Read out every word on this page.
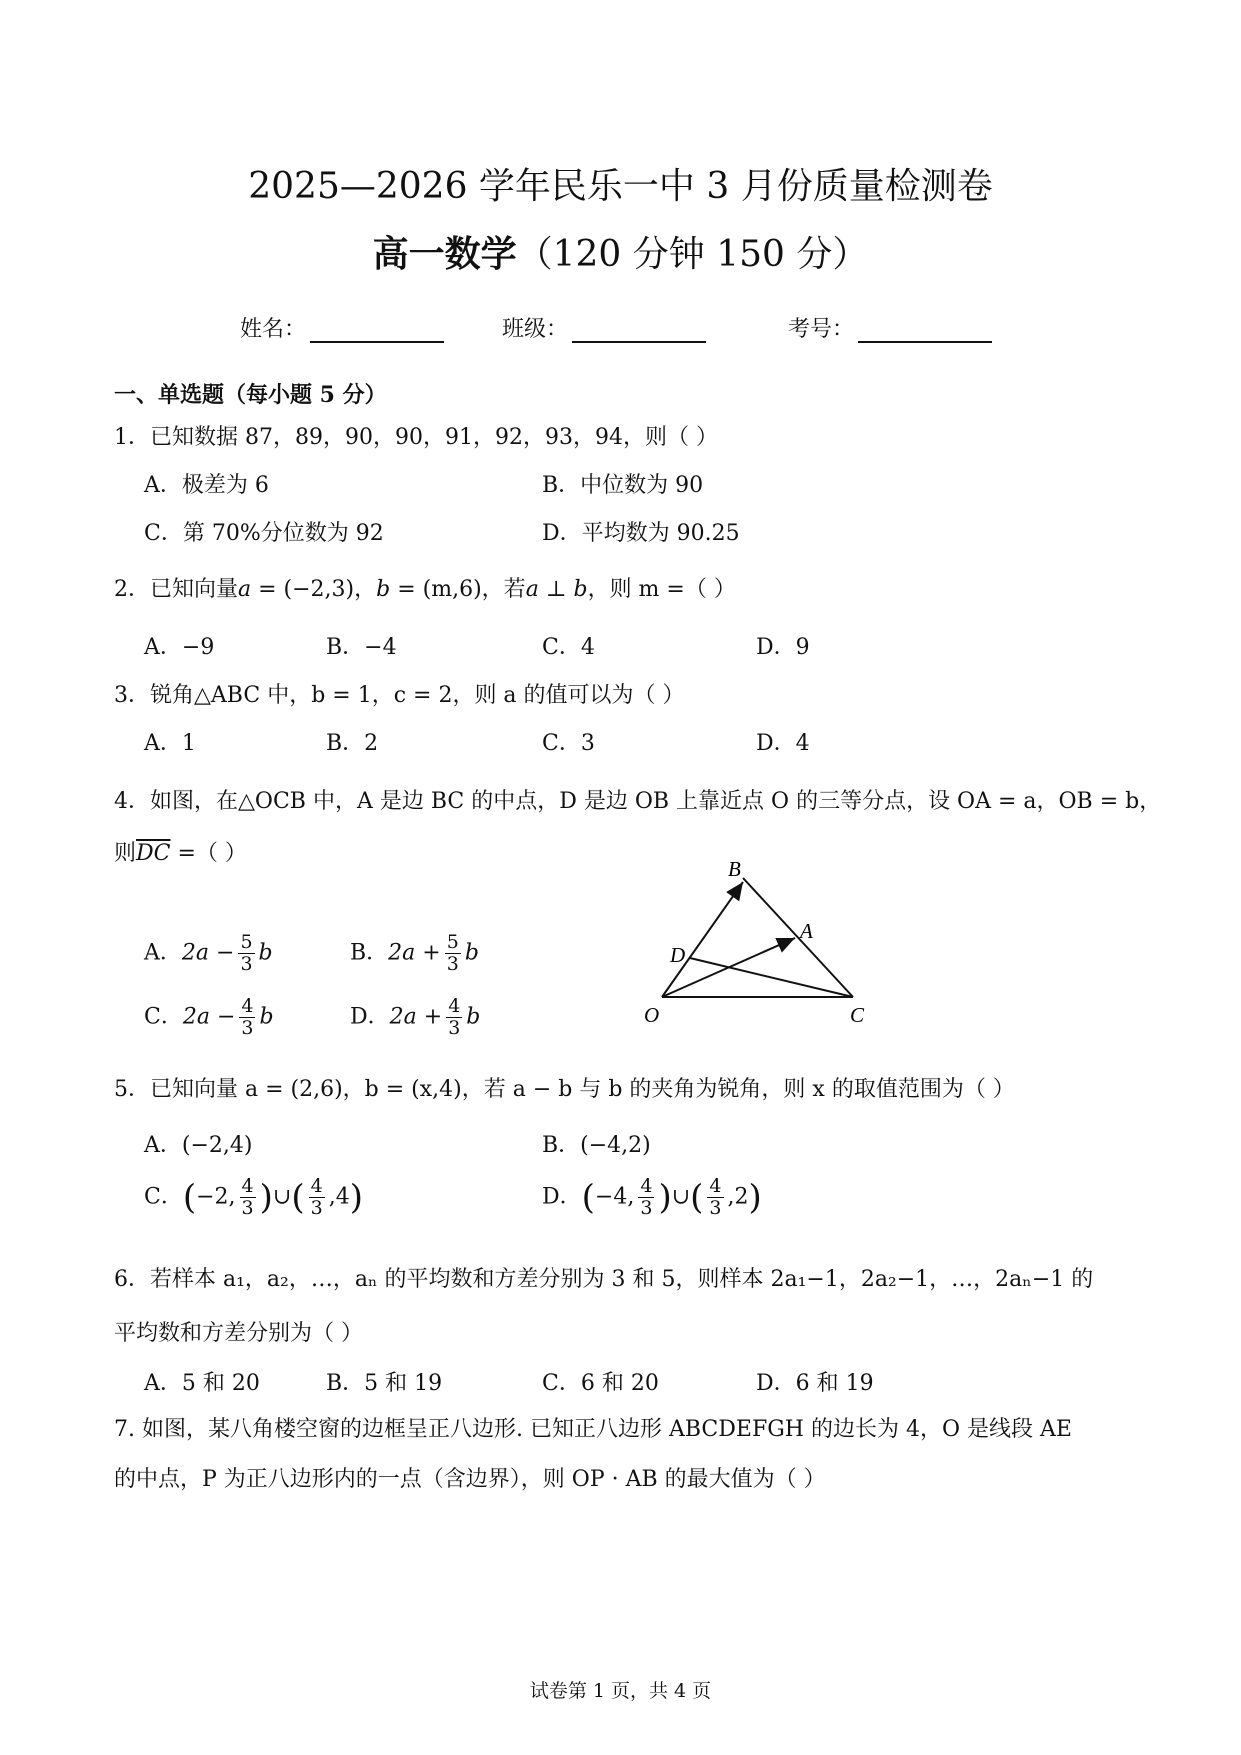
2025—2026 学年民乐一中 3 月份质量检测卷
高一数学（120 分钟 150 分）
姓名：	班级：	考号：
一、单选题（每小题 5 分）
1．已知数据 87，89，90，90，91，92，93，94，则（ ）
A．极差为 6	B．中位数为 90
C．第 70%分位数为 92	D．平均数为 90.25
2．已知向量a = (−2,3)，b = (m,6)，若a ⊥ b，则 m =（ ）
A．−9	B．−4	C．4	D．9
3．锐角△ABC 中，b = 1，c = 2，则 a 的值可以为（ ）
A．1	B．2	C．3	D．4
4．如图，在△OCB 中，A 是边 BC 的中点，D 是边 OB 上靠近点 O 的三等分点，设 OA = a，OB = b，
则$\overline{DC}$ =（ ）
A．$2a - \frac{5}{3}$ b	B．$2a + \frac{5}{3}$ b
C．$2a - \frac{4}{3}$ b	D．$2a + \frac{4}{3}$ b
B
A
D
O	C
5．已知向量 a = (2,6)，b = (x,4)，若 a − b 与 b 的夹角为锐角，则 x 的取值范围为（ ）
A．(−2,4)	B．(−4,2)
C．(−2, $\frac{4}{3}$ )∪( $\frac{4}{3} ,4$)	D．(−4, $\frac{4}{3}$ )∪( $\frac{4}{3} ,2$)
6．若样本 a₁，a₂，…，aₙ 的平均数和方差分别为 3 和 5，则样本 2a₁−1，2a₂−1，…，2aₙ−1 的
平均数和方差分别为（ ）
A．5 和 20	B．5 和 19	C．6 和 20	D．6 和 19
7. 如图，某八角楼空窗的边框呈正八边形. 已知正八边形 ABCDEFGH 的边长为 4，O 是线段 AE
的中点，P 为正八边形内的一点（含边界），则 OP · AB 的最大值为（ ）
试卷第 1 页，共 4 页
